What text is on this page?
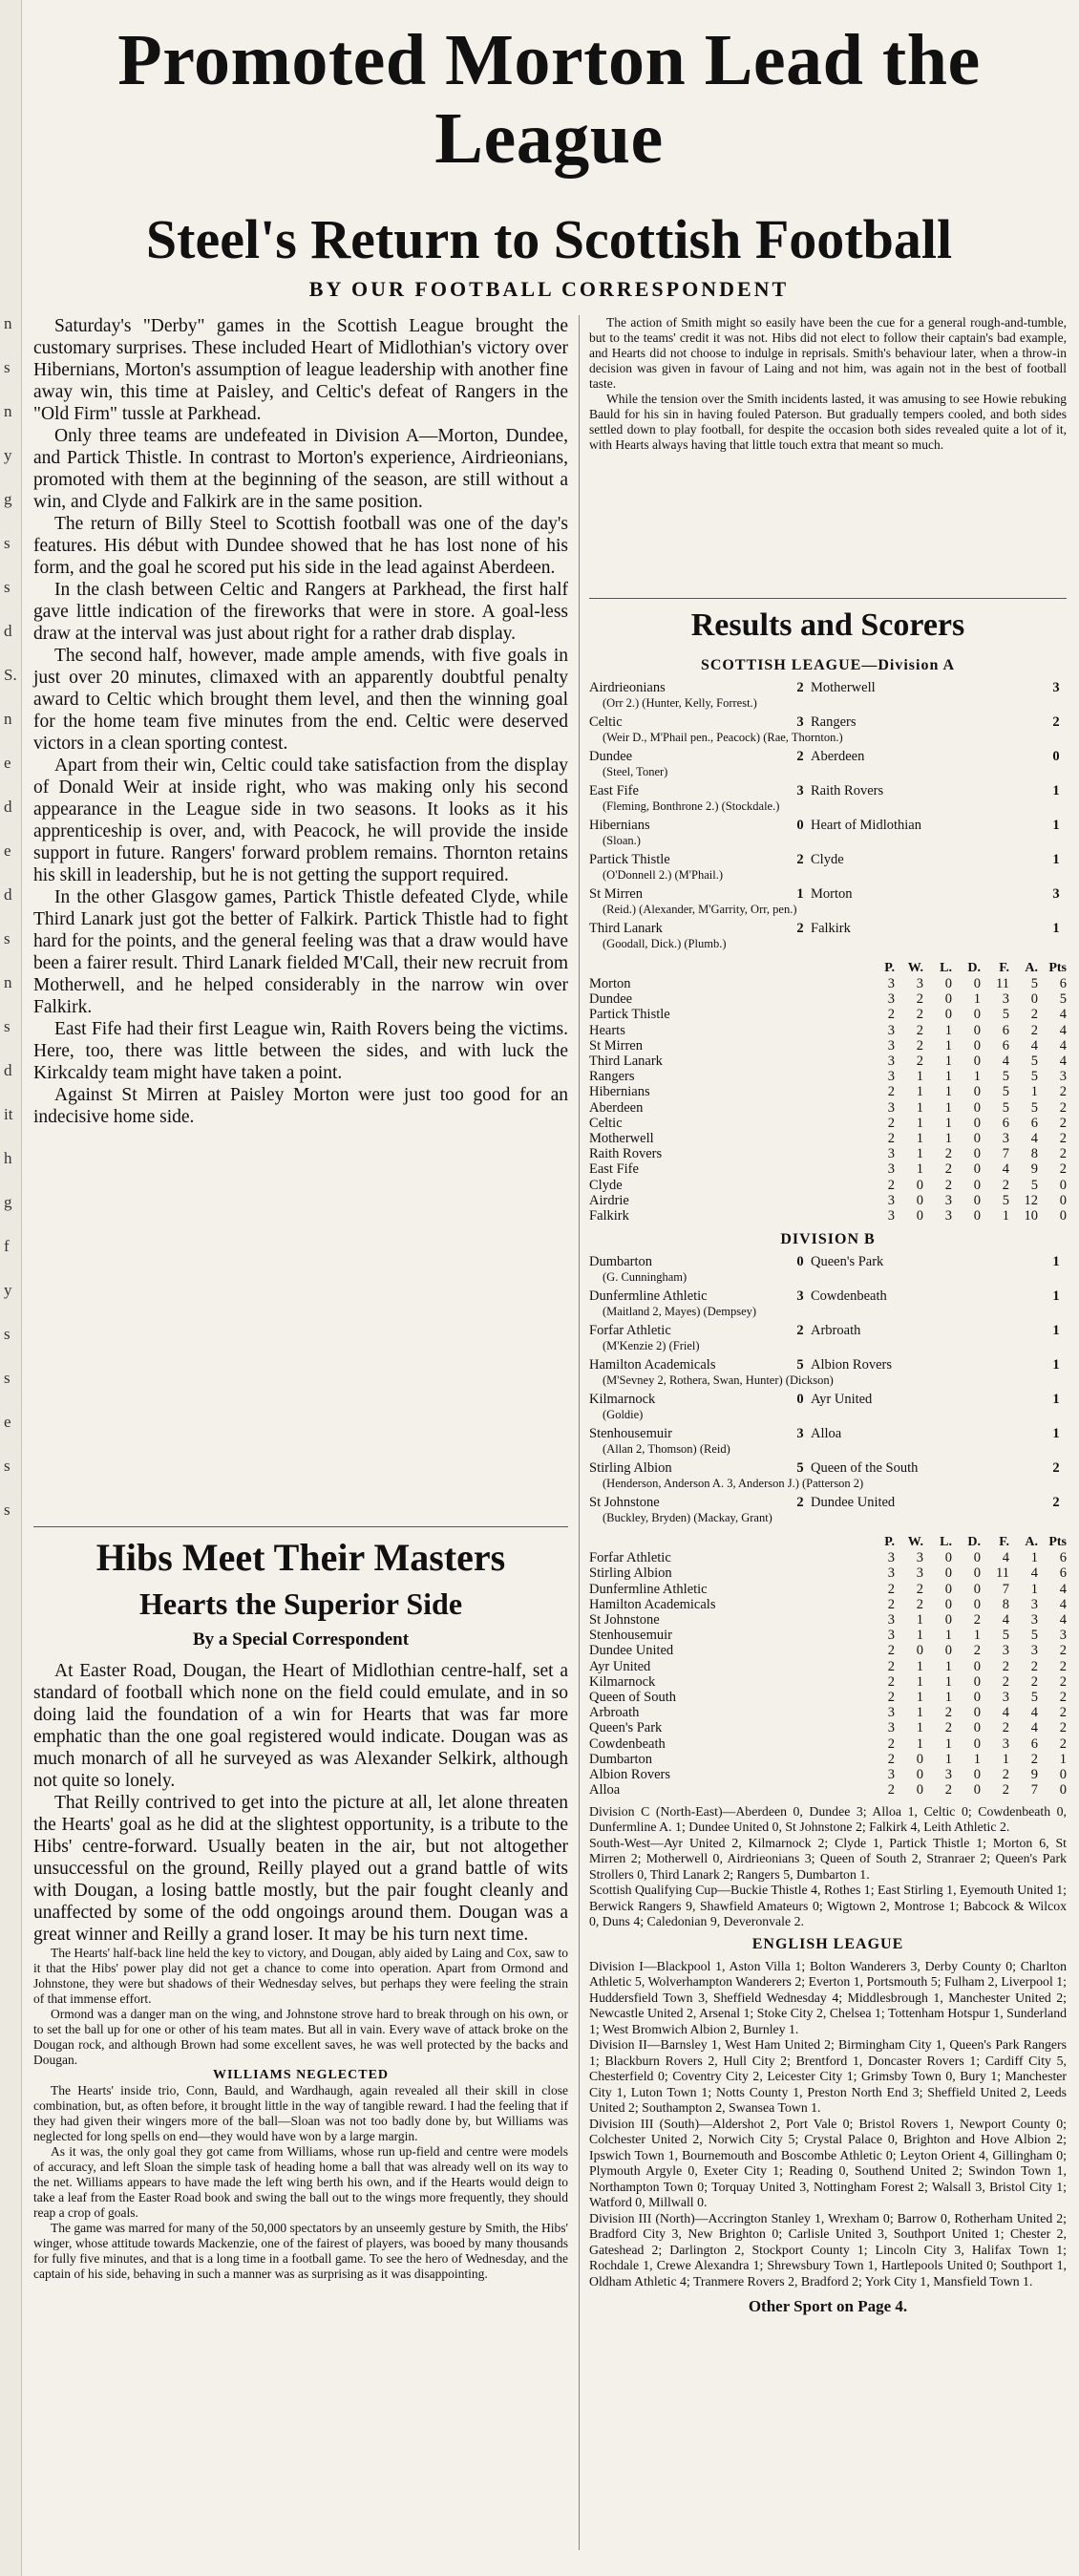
n
s
n
y
g
s
s
d
S.
n
e
d
e
d
s
n
s
d
it
h
g
f
y
s
s
e
s
s
Promoted Morton Lead the League
Steel's Return to Scottish Football
BY OUR FOOTBALL CORRESPONDENT

Saturday's "Derby" games in the Scottish League brought the customary surprises. These included Heart of Midlothian's victory over Hibernians, Morton's assumption of league leadership with another fine away win, this time at Paisley, and Celtic's defeat of Rangers in the "Old Firm" tussle at Parkhead.

Only three teams are undefeated in Division A—Morton, Dundee, and Partick Thistle. In contrast to Morton's experience, Airdrieonians, promoted with them at the beginning of the season, are still without a win, and Clyde and Falkirk are in the same position.

The return of Billy Steel to Scottish football was one of the day's features. His début with Dundee showed that he has lost none of his form, and the goal he scored put his side in the lead against Aberdeen.

In the clash between Celtic and Rangers at Parkhead, the first half gave little indication of the fireworks that were in store. A goal-less draw at the interval was just about right for a rather drab display.

The second half, however, made ample amends, with five goals in just over 20 minutes, climaxed with an apparently doubtful penalty award to Celtic which brought them level, and then the winning goal for the home team five minutes from the end. Celtic were deserved victors in a clean sporting contest.

Apart from their win, Celtic could take satisfaction from the display of Donald Weir at inside right, who was making only his second appearance in the League side in two seasons. It looks as it his apprenticeship is over, and, with Peacock, he will provide the inside support in future. Rangers' forward problem remains. Thornton retains his skill in leadership, but he is not getting the support required.

In the other Glasgow games, Partick Thistle defeated Clyde, while Third Lanark just got the better of Falkirk. Partick Thistle had to fight hard for the points, and the general feeling was that a draw would have been a fairer result. Third Lanark fielded M'Call, their new recruit from Motherwell, and he helped considerably in the narrow win over Falkirk.

East Fife had their first League win, Raith Rovers being the victims. Here, too, there was little between the sides, and with luck the Kirkcaldy team might have taken a point.

Against St Mirren at Paisley Morton were just too good for an indecisive home side.

Hibs Meet Their Masters
Hearts the Superior Side
By a Special Correspondent

At Easter Road, Dougan, the Heart of Midlothian centre-half, set a standard of football which none on the field could emulate, and in so doing laid the foundation of a win for Hearts that was far more emphatic than the one goal registered would indicate. Dougan was as much monarch of all he surveyed as was Alexander Selkirk, although not quite so lonely.

That Reilly contrived to get into the picture at all, let alone threaten the Hearts' goal as he did at the slightest opportunity, is a tribute to the Hibs' centre-forward. Usually beaten in the air, but not altogether unsuccessful on the ground, Reilly played out a grand battle of wits with Dougan, a losing battle mostly, but the pair fought cleanly and unaffected by some of the odd ongoings around them. Dougan was a great winner and Reilly a grand loser. It may be his turn next time.

The Hearts' half-back line held the key to victory, and Dougan, ably aided by Laing and Cox, saw to it that the Hibs' power play did not get a chance to come into operation. Apart from Ormond and Johnstone, they were but shadows of their Wednesday selves, but perhaps they were feeling the strain of that immense effort.

Ormond was a danger man on the wing, and Johnstone strove hard to break through on his own, or to set the ball up for one or other of his team mates. But all in vain. Every wave of attack broke on the Dougan rock, and although Brown had some excellent saves, he was well protected by the backs and Dougan.

WILLIAMS NEGLECTED

The Hearts' inside trio, Conn, Bauld, and Wardhaugh, again revealed all their skill in close combination, but, as often before, it brought little in the way of tangible reward. I had the feeling that if they had given their wingers more of the ball—Sloan was not too badly done by, but Williams was neglected for long spells on end—they would have won by a large margin.

As it was, the only goal they got came from Williams, whose run up-field and centre were models of accuracy, and left Sloan the simple task of heading home a ball that was already well on its way to the net. Williams appears to have made the left wing berth his own, and if the Hearts would deign to take a leaf from the Easter Road book and swing the ball out to the wings more frequently, they should reap a crop of goals.

The game was marred for many of the 50,000 spectators by an unseemly gesture by Smith, the Hibs' winger, whose attitude towards Mackenzie, one of the fairest of players, was booed by many thousands for fully five minutes, and that is a long time in a football game. To see the hero of Wednesday, and the captain of his side, behaving in such a manner was as surprising as it was disappointing.

The action of Smith might so easily have been the cue for a general rough-and-tumble, but to the teams' credit it was not. Hibs did not elect to follow their captain's bad example, and Hearts did not choose to indulge in reprisals. Smith's behaviour later, when a throw-in decision was given in favour of Laing and not him, was again not in the best of football taste.

While the tension over the Smith incidents lasted, it was amusing to see Howie rebuking Bauld for his sin in having fouled Paterson. But gradually tempers cooled, and both sides settled down to play football, for despite the occasion both sides revealed quite a lot of it, with Hearts always having that little touch extra that meant so much.

Results and Scorers
SCOTTISH LEAGUE—Division A
Airdrieonians	2	Motherwell	3
(Orr 2.) (Hunter, Kelly, Forrest.)			
Celtic	3	Rangers	2
(Weir D., M'Phail pen., Peacock) (Rae, Thornton.)			
Dundee	2	Aberdeen	0
(Steel, Toner)			
East Fife	3	Raith Rovers	1
(Fleming, Bonthrone 2.) (Stockdale.)			
Hibernians	0	Heart of Midlothian	1
(Sloan.)			
Partick Thistle	2	Clyde	1
(O'Donnell 2.) (M'Phail.)			
St Mirren	1	Morton	3
(Reid.) (Alexander, M'Garrity, Orr, pen.)			
Third Lanark	2	Falkirk	1
(Goodall, Dick.) (Plumb.)			
	P.	W.	L.	D.	F.	A.	Pts
Morton	3	3	0	0	11	5	6
Dundee	3	2	0	1	3	0	5
Partick Thistle	2	2	0	0	5	2	4
Hearts	3	2	1	0	6	2	4
St Mirren	3	2	1	0	6	4	4
Third Lanark	3	2	1	0	4	5	4
Rangers	3	1	1	1	5	5	3
Hibernians	2	1	1	0	5	1	2
Aberdeen	3	1	1	0	5	5	2
Celtic	2	1	1	0	6	6	2
Motherwell	2	1	1	0	3	4	2
Raith Rovers	3	1	2	0	7	8	2
East Fife	3	1	2	0	4	9	2
Clyde	2	0	2	0	2	5	0
Airdrie	3	0	3	0	5	12	0
Falkirk	3	0	3	0	1	10	0
DIVISION B
Dumbarton	0	Queen's Park	1
(G. Cunningham)			
Dunfermline Athletic	3	Cowdenbeath	1
(Maitland 2, Mayes) (Dempsey)			
Forfar Athletic	2	Arbroath	1
(M'Kenzie 2) (Friel)			
Hamilton Academicals	5	Albion Rovers	1
(M'Sevney 2, Rothera, Swan, Hunter) (Dickson)			
Kilmarnock	0	Ayr United	1
(Goldie)			
Stenhousemuir	3	Alloa	1
(Allan 2, Thomson) (Reid)			
Stirling Albion	5	Queen of the South	2
(Henderson, Anderson A. 3, Anderson J.) (Patterson 2)			
St Johnstone	2	Dundee United	2
(Buckley, Bryden) (Mackay, Grant)			
	P.	W.	L.	D.	F.	A.	Pts
Forfar Athletic	3	3	0	0	4	1	6
Stirling Albion	3	3	0	0	11	4	6
Dunfermline Athletic	2	2	0	0	7	1	4
Hamilton Academicals	2	2	0	0	8	3	4
St Johnstone	3	1	0	2	4	3	4
Stenhousemuir	3	1	1	1	5	5	3
Dundee United	2	0	0	2	3	3	2
Ayr United	2	1	1	0	2	2	2
Kilmarnock	2	1	1	0	2	2	2
Queen of South	2	1	1	0	3	5	2
Arbroath	3	1	2	0	4	4	2
Queen's Park	3	1	2	0	2	4	2
Cowdenbeath	2	1	1	0	3	6	2
Dumbarton	2	0	1	1	1	2	1
Albion Rovers	3	0	3	0	2	9	0
Alloa	2	0	2	0	2	7	0

Division C (North-East)—Aberdeen 0, Dundee 3; Alloa 1, Celtic 0; Cowdenbeath 0, Dunfermline A. 1; Dundee United 0, St Johnstone 2; Falkirk 4, Leith Athletic 2.

South-West—Ayr United 2, Kilmarnock 2; Clyde 1, Partick Thistle 1; Morton 6, St Mirren 2; Motherwell 0, Airdrieonians 3; Queen of South 2, Stranraer 2; Queen's Park Strollers 0, Third Lanark 2; Rangers 5, Dumbarton 1.

Scottish Qualifying Cup—Buckie Thistle 4, Rothes 1; East Stirling 1, Eyemouth United 1; Berwick Rangers 9, Shawfield Amateurs 0; Wigtown 2, Montrose 1; Babcock & Wilcox 0, Duns 4; Caledonian 9, Deveronvale 2.

ENGLISH LEAGUE

Division I—Blackpool 1, Aston Villa 1; Bolton Wanderers 3, Derby County 0; Charlton Athletic 5, Wolverhampton Wanderers 2; Everton 1, Portsmouth 5; Fulham 2, Liverpool 1; Huddersfield Town 3, Sheffield Wednesday 4; Middlesbrough 1, Manchester United 2; Newcastle United 2, Arsenal 1; Stoke City 2, Chelsea 1; Tottenham Hotspur 1, Sunderland 1; West Bromwich Albion 2, Burnley 1.

Division II—Barnsley 1, West Ham United 2; Birmingham City 1, Queen's Park Rangers 1; Blackburn Rovers 2, Hull City 2; Brentford 1, Doncaster Rovers 1; Cardiff City 5, Chesterfield 0; Coventry City 2, Leicester City 1; Grimsby Town 0, Bury 1; Manchester City 1, Luton Town 1; Notts County 1, Preston North End 3; Sheffield United 2, Leeds United 2; Southampton 2, Swansea Town 1.

Division III (South)—Aldershot 2, Port Vale 0; Bristol Rovers 1, Newport County 0; Colchester United 2, Norwich City 5; Crystal Palace 0, Brighton and Hove Albion 2; Ipswich Town 1, Bournemouth and Boscombe Athletic 0; Leyton Orient 4, Gillingham 0; Plymouth Argyle 0, Exeter City 1; Reading 0, Southend United 2; Swindon Town 1, Northampton Town 0; Torquay United 3, Nottingham Forest 2; Walsall 3, Bristol City 1; Watford 0, Millwall 0.

Division III (North)—Accrington Stanley 1, Wrexham 0; Barrow 0, Rotherham United 2; Bradford City 3, New Brighton 0; Carlisle United 3, Southport United 1; Chester 2, Gateshead 2; Darlington 2, Stockport County 1; Lincoln City 3, Halifax Town 1; Rochdale 1, Crewe Alexandra 1; Shrewsbury Town 1, Hartlepools United 0; Southport 1, Oldham Athletic 4; Tranmere Rovers 2, Bradford 2; York City 1, Mansfield Town 1.

Other Sport on Page 4.
